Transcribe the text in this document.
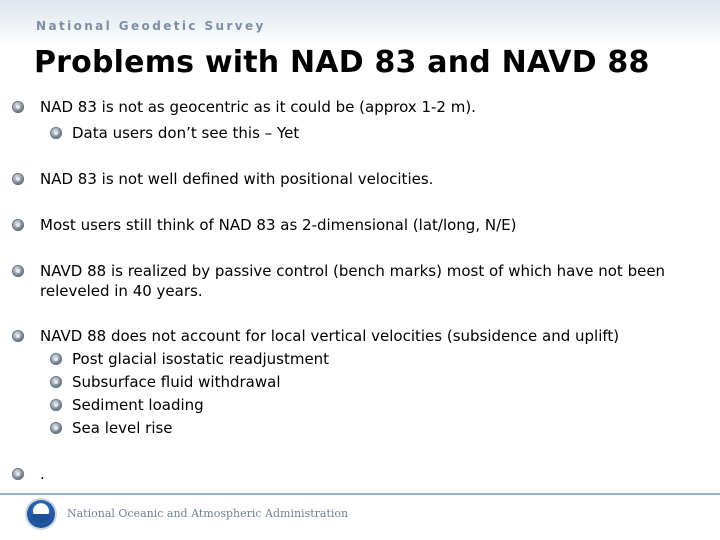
National Geodetic Survey
Problems with NAD 83 and NAVD 88
NAD 83 is not as geocentric as it could be (approx 1-2 m).
Data users don’t see this – Yet
NAD 83 is not well defined with positional velocities.
Most users still think of NAD 83 as 2-dimensional (lat/long, N/E)
NAVD 88 is realized by passive control (bench marks) most of which have not been releveled in 40 years.
NAVD 88 does not account for local vertical velocities (subsidence and uplift)
Post glacial isostatic readjustment
Subsurface fluid withdrawal
Sediment loading
Sea level rise
.
National Oceanic and Atmospheric Administration
